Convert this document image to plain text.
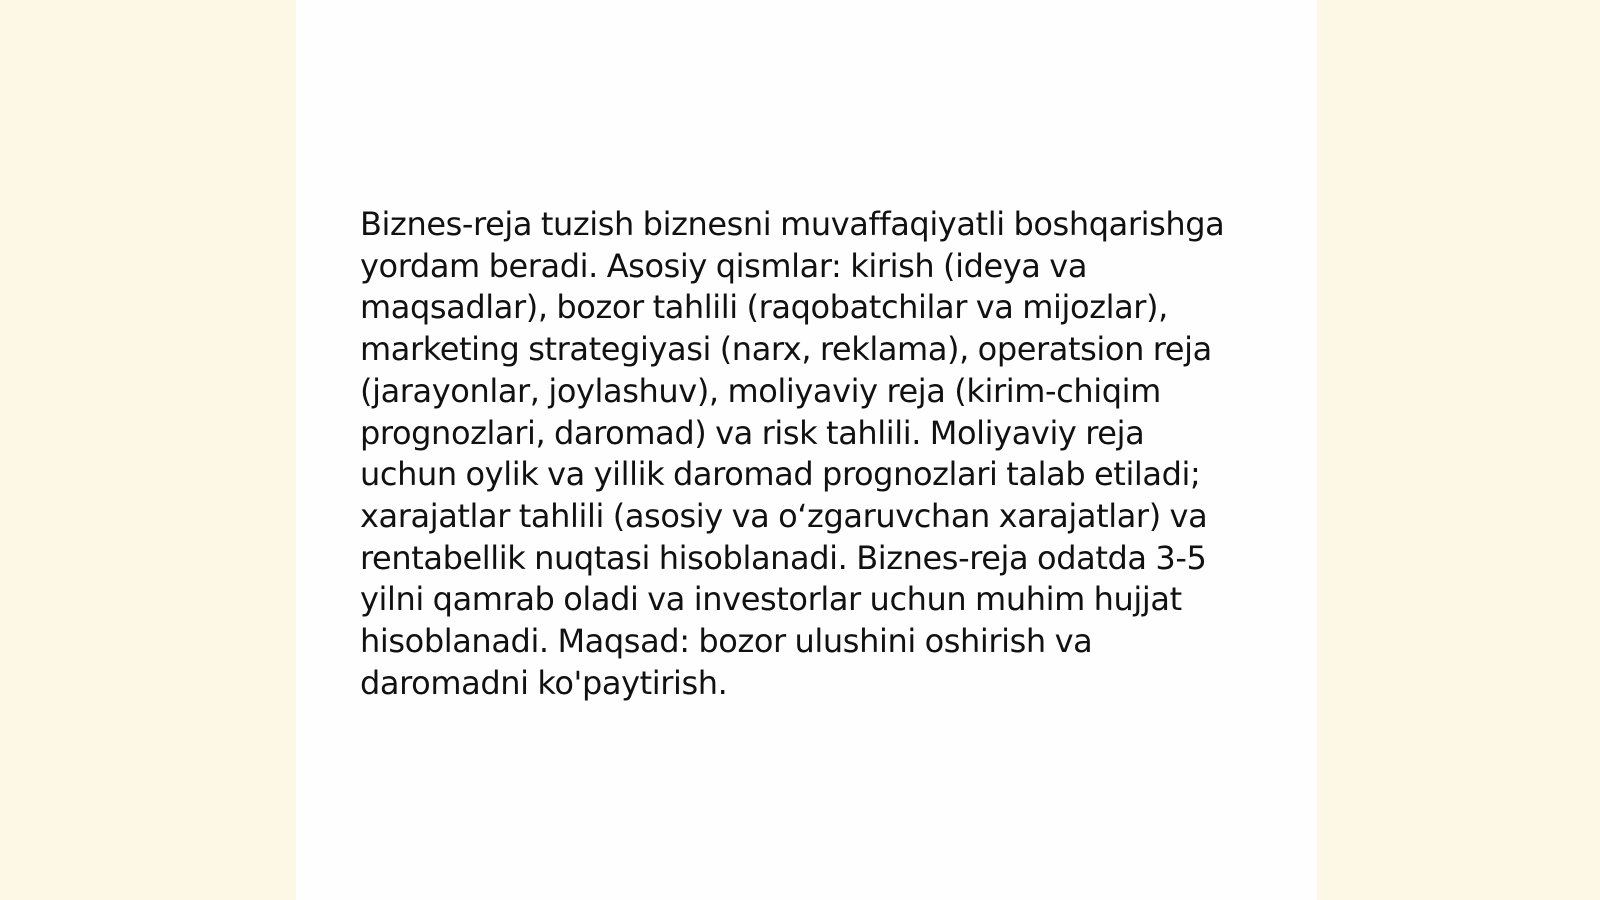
Biznes-reja tuzish biznesni muvaffaqiyatli boshqarishga yordam beradi. Asosiy qismlar: kirish (ideya va maqsadlar), bozor tahlili (raqobatchilar va mijozlar), marketing strategiyasi (narx, reklama), operatsion reja (jarayonlar, joylashuv), moliyaviy reja (kirim-chiqim prognozlari, daromad) va risk tahlili. Moliyaviy reja uchun oylik va yillik daromad prognozlari talab etiladi; xarajatlar tahlili (asosiy va o‘zgaruvchan xarajatlar) va rentabellik nuqtasi hisoblanadi. Biznes-reja odatda 3-5 yilni qamrab oladi va investorlar uchun muhim hujjat hisoblanadi. Maqsad: bozor ulushini oshirish va daromadni ko'paytirish.
